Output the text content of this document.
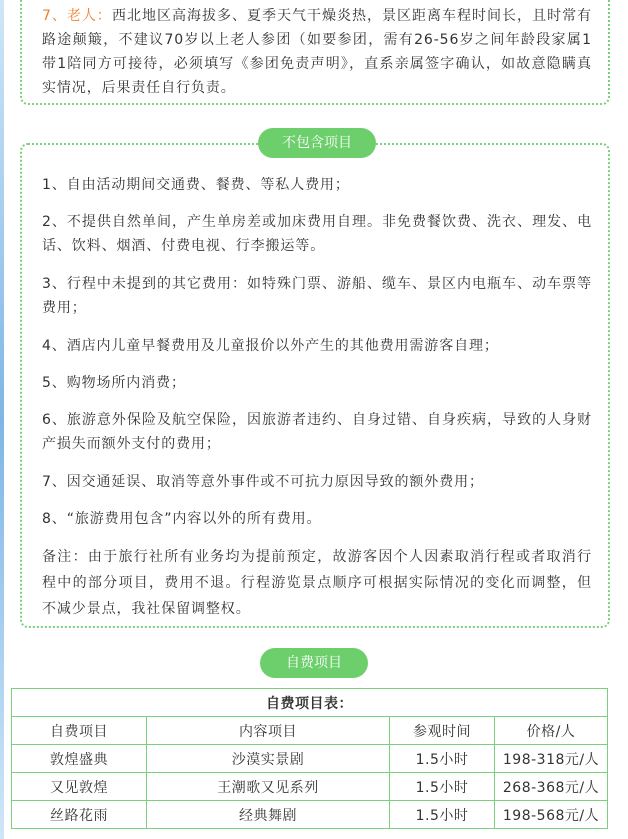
7、老人：西北地区高海拔多、夏季天气干燥炎热，景区距离车程时间长，且时常有路途颠簸，不建议70岁以上老人参团（如要参团，需有26-56岁之间年龄段家属1带1陪同方可接待，必须填写《参团免责声明》，直系亲属签字确认，如故意隐瞒真实情况，后果责任自行负责。

不包含项目

1、自由活动期间交通费、餐费、等私人费用；

2、不提供自然单间，产生单房差或加床费用自理。非免费餐饮费、洗衣、理发、电话、饮料、烟酒、付费电视、行李搬运等。

3、行程中未提到的其它费用：如特殊门票、游船、缆车、景区内电瓶车、动车票等费用；

4、酒店内儿童早餐费用及儿童报价以外产生的其他费用需游客自理；

5、购物场所内消费；

6、旅游意外保险及航空保险，因旅游者违约、自身过错、自身疾病，导致的人身财产损失而额外支付的费用；

7、因交通延误、取消等意外事件或不可抗力原因导致的额外费用；

8、“旅游费用包含”内容以外的所有费用。

备注：由于旅行社所有业务均为提前预定，故游客因个人因素取消行程或者取消行程中的部分项目，费用不退。行程游览景点顺序可根据实际情况的变化而调整，但不减少景点，我社保留调整权。

自费项目
自费项目表：			
自费项目	内容项目	参观时间	价格/人
敦煌盛典	沙漠实景剧	1.5小时	198-318元/人
又见敦煌	王潮歌又见系列	1.5小时	268-368元/人
丝路花雨	经典舞剧	1.5小时	198-568元/人
